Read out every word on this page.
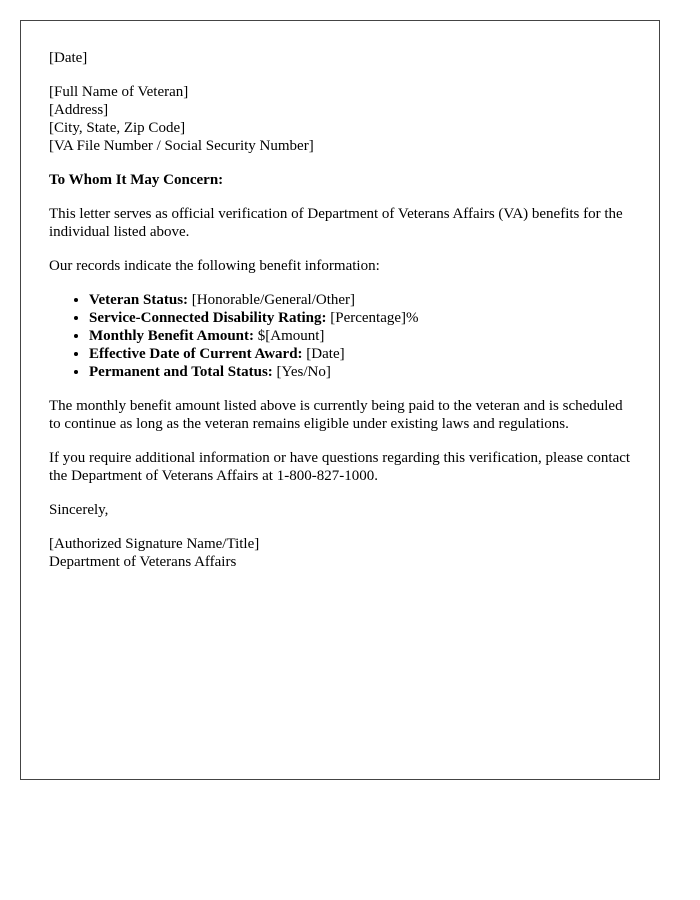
[Date]

[Full Name of Veteran]
[Address]
[City, State, Zip Code]
[VA File Number / Social Security Number]

To Whom It May Concern:

This letter serves as official verification of Department of Veterans Affairs (VA) benefits for the individual listed above.

Our records indicate the following benefit information:

• Veteran Status: [Honorable/General/Other]
• Service-Connected Disability Rating: [Percentage]%
• Monthly Benefit Amount: $[Amount]
• Effective Date of Current Award: [Date]
• Permanent and Total Status: [Yes/No]

The monthly benefit amount listed above is currently being paid to the veteran and is scheduled to continue as long as the veteran remains eligible under existing laws and regulations.

If you require additional information or have questions regarding this verification, please contact the Department of Veterans Affairs at 1-800-827-1000.

Sincerely,

[Authorized Signature Name/Title]
Department of Veterans Affairs
